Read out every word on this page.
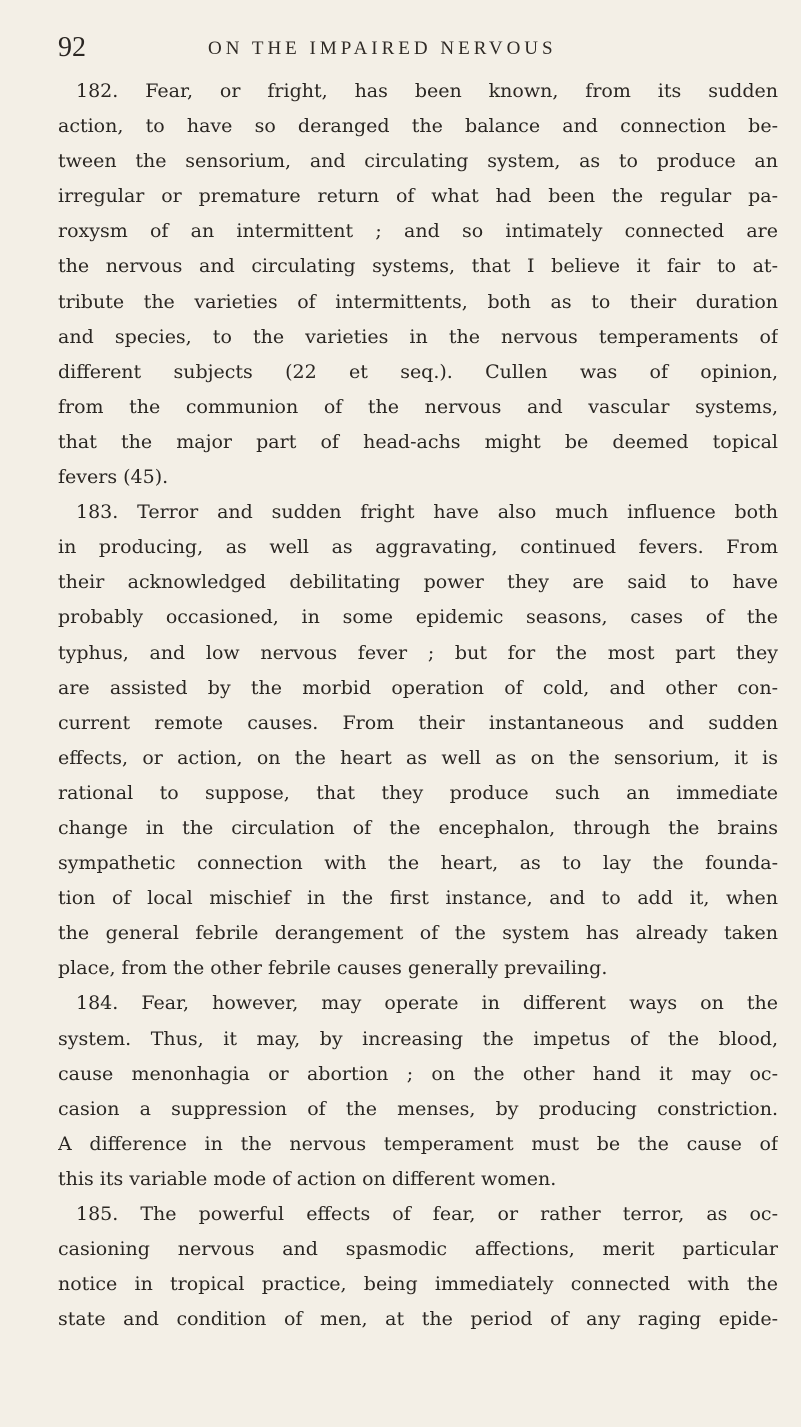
92	ON THE IMPAIRED NERVOUS
182. Fear, or fright, has been known, from its sudden
action, to have so deranged the balance and connection be-
tween the sensorium, and circulating system, as to produce an
irregular or premature return of what had been the regular pa-
roxysm of an intermittent ; and so intimately connected are
the nervous and circulating systems, that I believe it fair to at-
tribute the varieties of intermittents, both as to their duration
and species, to the varieties in the nervous temperaments of
different subjects (22 et seq.). Cullen was of opinion,
from the communion of the nervous and vascular systems,
that the major part of head-achs might be deemed topical
fevers (45).
183. Terror and sudden fright have also much influence both
in producing, as well as aggravating, continued fevers. From
their acknowledged debilitating power they are said to have
probably occasioned, in some epidemic seasons, cases of the
typhus, and low nervous fever ; but for the most part they
are assisted by the morbid operation of cold, and other con-
current remote causes. From their instantaneous and sudden
effects, or action, on the heart as well as on the sensorium, it is
rational to suppose, that they produce such an immediate
change in the circulation of the encephalon, through the brains
sympathetic connection with the heart, as to lay the founda-
tion of local mischief in the first instance, and to add it, when
the general febrile derangement of the system has already taken
place, from the other febrile causes generally prevailing.
184. Fear, however, may operate in different ways on the
system. Thus, it may, by increasing the impetus of the blood,
cause menonhagia or abortion ; on the other hand it may oc-
casion a suppression of the menses, by producing constriction.
A difference in the nervous temperament must be the cause of
this its variable mode of action on different women.
185. The powerful effects of fear, or rather terror, as oc-
casioning nervous and spasmodic affections, merit particular
notice in tropical practice, being immediately connected with the
state and condition of men, at the period of any raging epide-
